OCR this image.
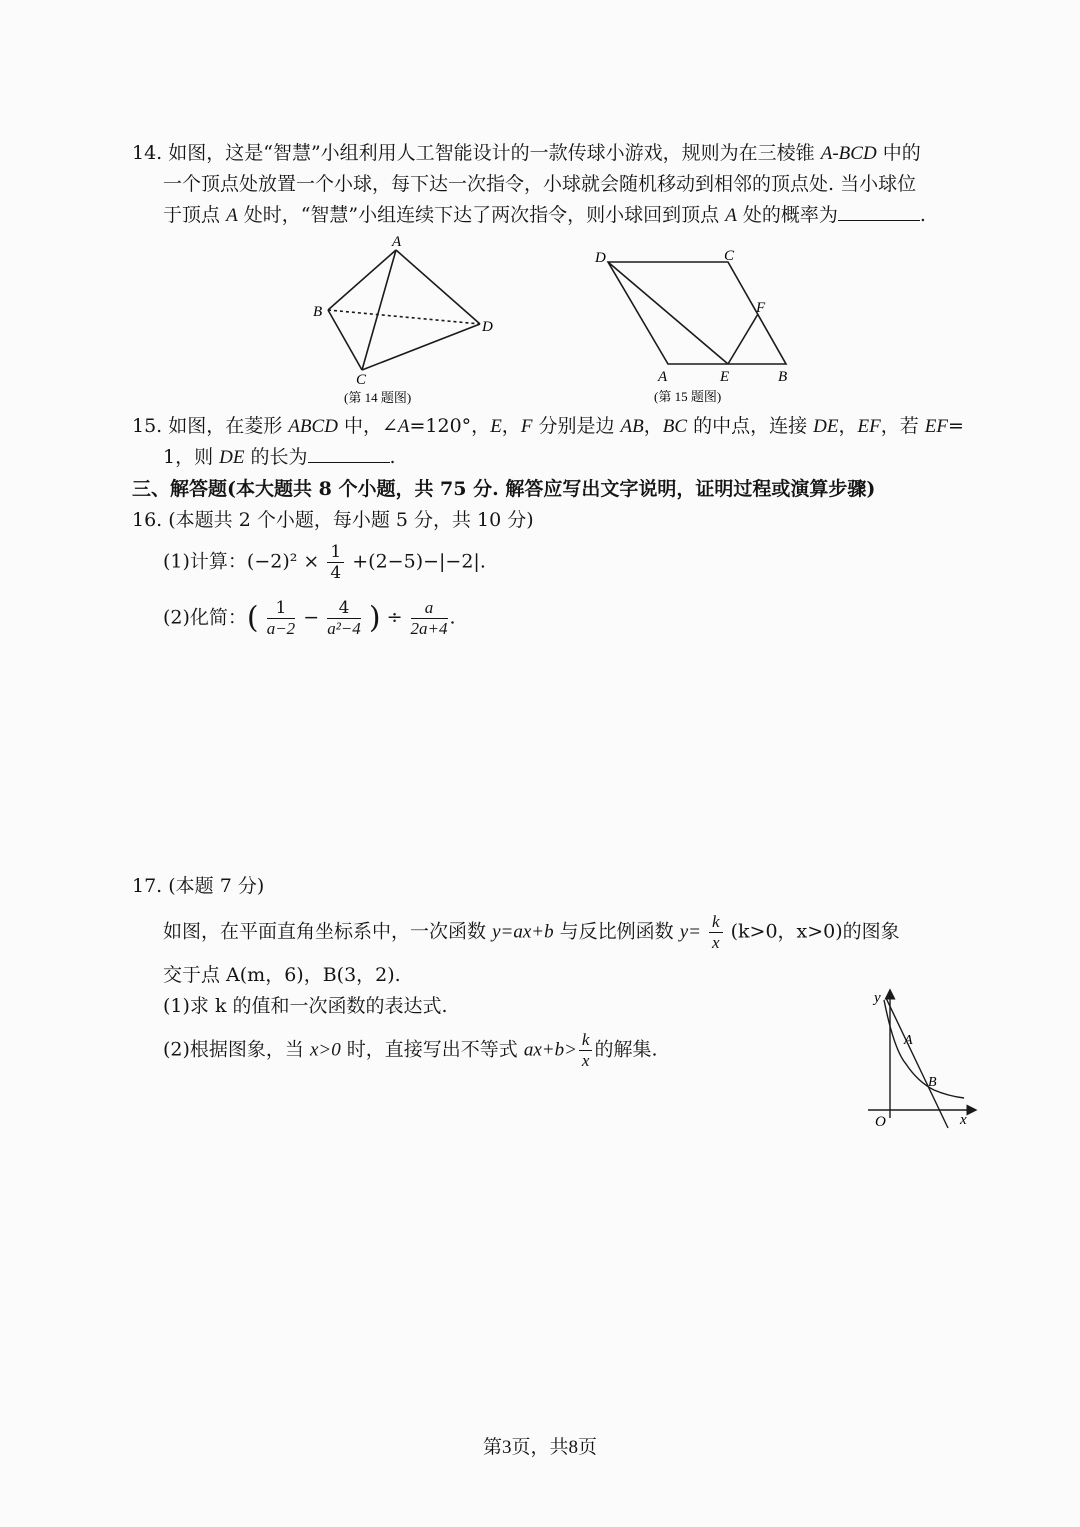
14. 如图，这是“智慧”小组利用人工智能设计的一款传球小游戏，规则为在三棱锥 A-BCD 中的
一个顶点处放置一个小球，每下达一次指令，小球就会随机移动到相邻的顶点处. 当小球位
于顶点 A 处时，“智慧”小组连续下达了两次指令，则小球回到顶点 A 处的概率为	.
A
B
C
D
(第 14 题图)
D	C
F
A	E	B
(第 15 题图)
15. 如图，在菱形 ABCD 中，∠A=120°，E，F 分别是边 AB，BC 的中点，连接 DE，EF，若 EF=
1，则 DE 的长为	.
三、解答题(本大题共 8 个小题，共 75 分. 解答应写出文字说明，证明过程或演算步骤)
16. (本题共 2 个小题，每小题 5 分，共 10 分)
(1)计算：$(-2)^2 \times \frac{1}{4} +(2-5)-|-2|$.
(2)化简：( $\frac{1}{a-2} - \frac{4}{\text{a²−4}}$ ) ÷ $\frac{a}{2a+4}$ .
17. (本题 7 分)
如图，在平面直角坐标系中，一次函数 y=ax+b 与反比例函数 $y= \frac{k}{x} (k>0$，x>0)的图象
交于点 A(m，6)，B(3，2).
(1)求 k 的值和一次函数的表达式.
(2)根据图象，当 x>0 时，直接写出不等式 $ax+b> \frac{k}{x}$ 的解集.
y
x
O
A
B
第3页，共8页
